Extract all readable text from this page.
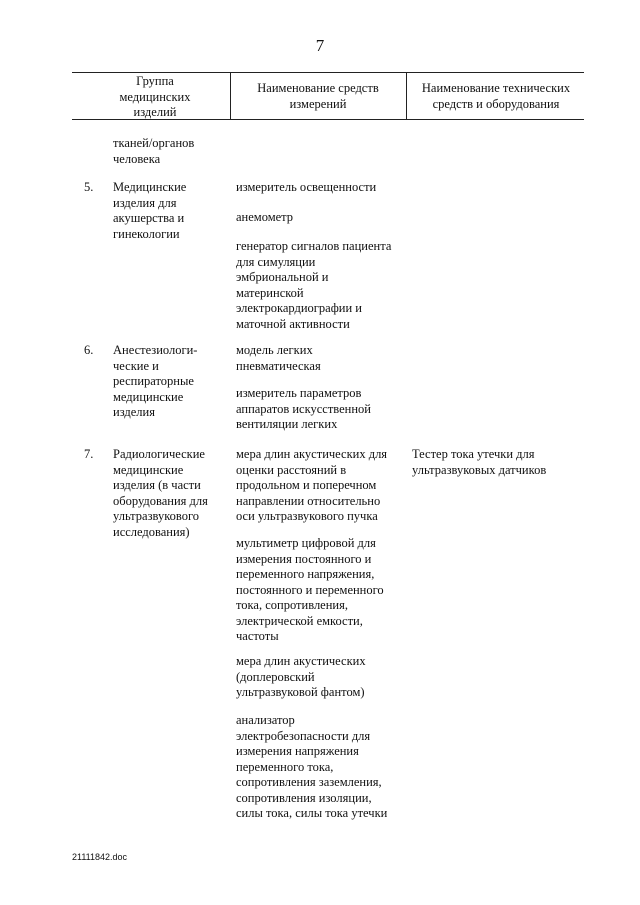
7
Группа
медицинских
изделий
Наименование средств
измерений
Наименование технических
средств и оборудования
тканей/органов
человека
5. Медицинские
изделия для
акушерства и
гинекологии
измеритель освещенности
анемометр
генератор сигналов пациента
для симуляции
эмбриональной и
материнской
электрокардиографии и
маточной активности
6. Анестезиологи-
ческие и
респираторные
медицинские
изделия
модель легких
пневматическая
измеритель параметров
аппаратов искусственной
вентиляции легких
7. Радиологические
медицинские
изделия (в части
оборудования для
ультразвукового
исследования)
мера длин акустических для
оценки расстояний в
продольном и поперечном
направлении относительно
оси ультразвукового пучка
мультиметр цифровой для
измерения постоянного и
переменного напряжения,
постоянного и переменного
тока, сопротивления,
электрической емкости,
частоты
мера длин акустических
(доплеровский
ультразвуковой фантом)
анализатор
электробезопасности для
измерения напряжения
переменного тока,
сопротивления заземления,
сопротивления изоляции,
силы тока, силы тока утечки
Тестер тока утечки для
ультразвуковых датчиков
21111842.doc
